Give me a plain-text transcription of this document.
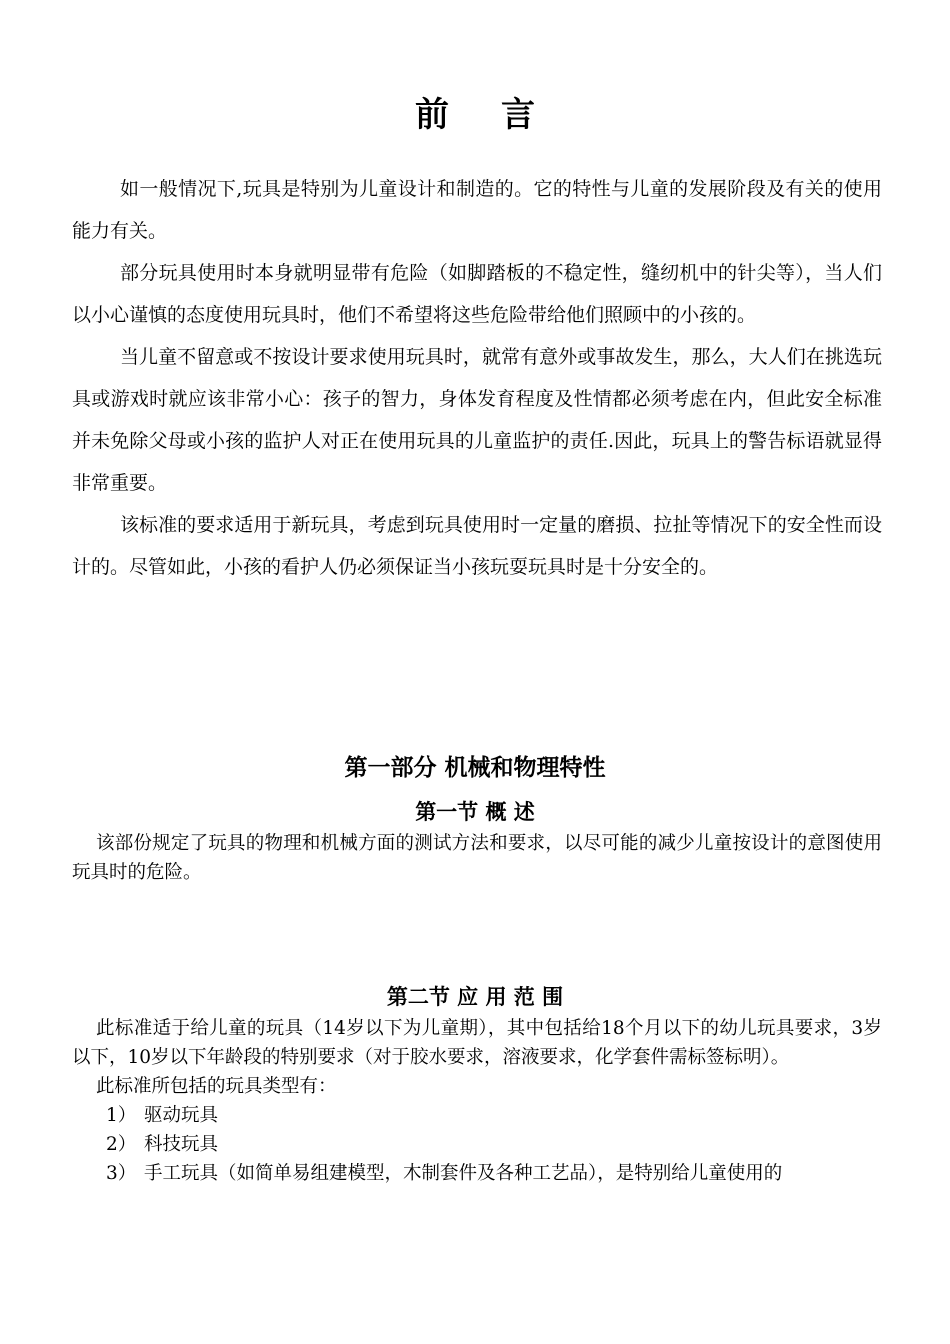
前言

如一般情况下,玩具是特别为儿童设计和制造的。它的特性与儿童的发展阶段及有关的使用能力有关。

部分玩具使用时本身就明显带有危险（如脚踏板的不稳定性，缝纫机中的针尖等），当人们以小心谨慎的态度使用玩具时，他们不希望将这些危险带给他们照顾中的小孩的。

当儿童不留意或不按设计要求使用玩具时，就常有意外或事故发生，那么，大人们在挑选玩具或游戏时就应该非常小心：孩子的智力，身体发育程度及性情都必须考虑在内，但此安全标准并未免除父母或小孩的监护人对正在使用玩具的儿童监护的责任.因此，玩具上的警告标语就显得非常重要。

该标准的要求适用于新玩具，考虑到玩具使用时一定量的磨损、拉扯等情况下的安全性而设计的。尽管如此，小孩的看护人仍必须保证当小孩玩耍玩具时是十分安全的。

第一部分 机械和物理特性
第一节 概 述

该部份规定了玩具的物理和机械方面的测试方法和要求，以尽可能的减少儿童按设计的意图使用玩具时的危险。

第二节 应 用 范 围

此标准适于给儿童的玩具（14岁以下为儿童期），其中包括给18个月以下的幼儿玩具要求，3岁以下，10岁以下年龄段的特别要求（对于胶水要求，溶液要求，化学套件需标签标明）。

此标准所包括的玩具类型有：

1） 驱动玩具
2） 科技玩具
3） 手工玩具（如简单易组建模型，木制套件及各种工艺品），是特别给儿童使用的
